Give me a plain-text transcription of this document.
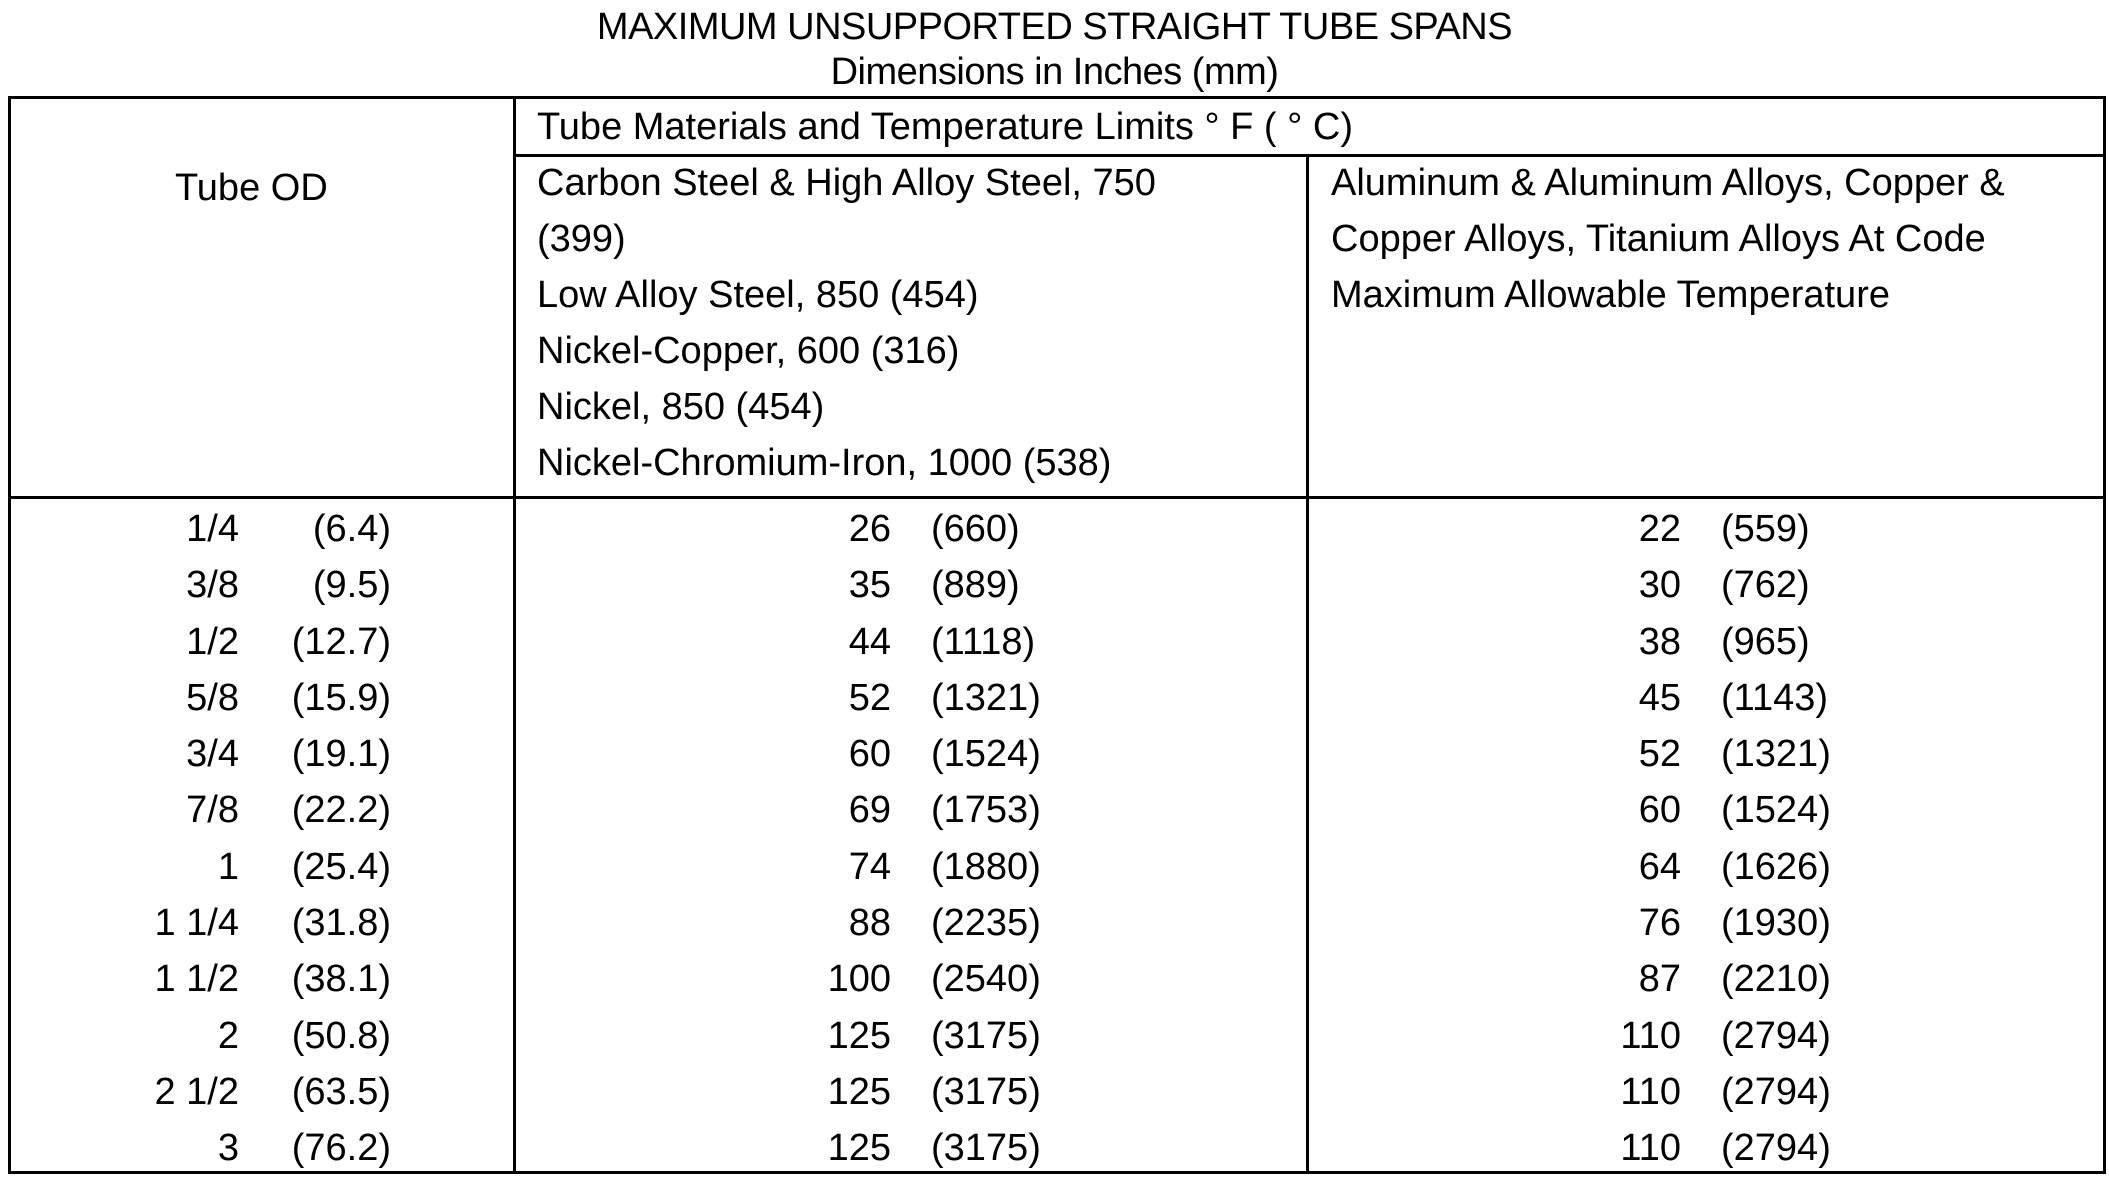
MAXIMUM UNSUPPORTED STRAIGHT TUBE SPANS
Dimensions in Inches (mm)
Tube OD
Tube Materials and Temperature Limits ° F ( ° C)
Carbon Steel & High Alloy Steel, 750
(399)
Low Alloy Steel, 850 (454)
Nickel-Copper, 600 (316)
Nickel, 850 (454)
Nickel-Chromium-Iron, 1000 (538)
Aluminum & Aluminum Alloys, Copper &
Copper Alloys, Titanium Alloys At Code
Maximum Allowable Temperature
1/4	(6.4)	26 (660)	22 (559)
3/8	(9.5)	35 (889)	30 (762)
1/2	(12.7)	44 (1118)	38 (965)
5/8	(15.9)	52 (1321)	45 (1143)
3/4	(19.1)	60 (1524)	52 (1321)
7/8	(22.2)	69 (1753)	60 (1524)
1	(25.4)	74 (1880)	64 (1626)
1 1/4	(31.8)	88 (2235)	76 (1930)
1 1/2	(38.1)	100 (2540)	87 (2210)
2	(50.8)	125 (3175)	110 (2794)
2 1/2	(63.5)	125 (3175)	110 (2794)
3	(76.2)	125 (3175)	110 (2794)
